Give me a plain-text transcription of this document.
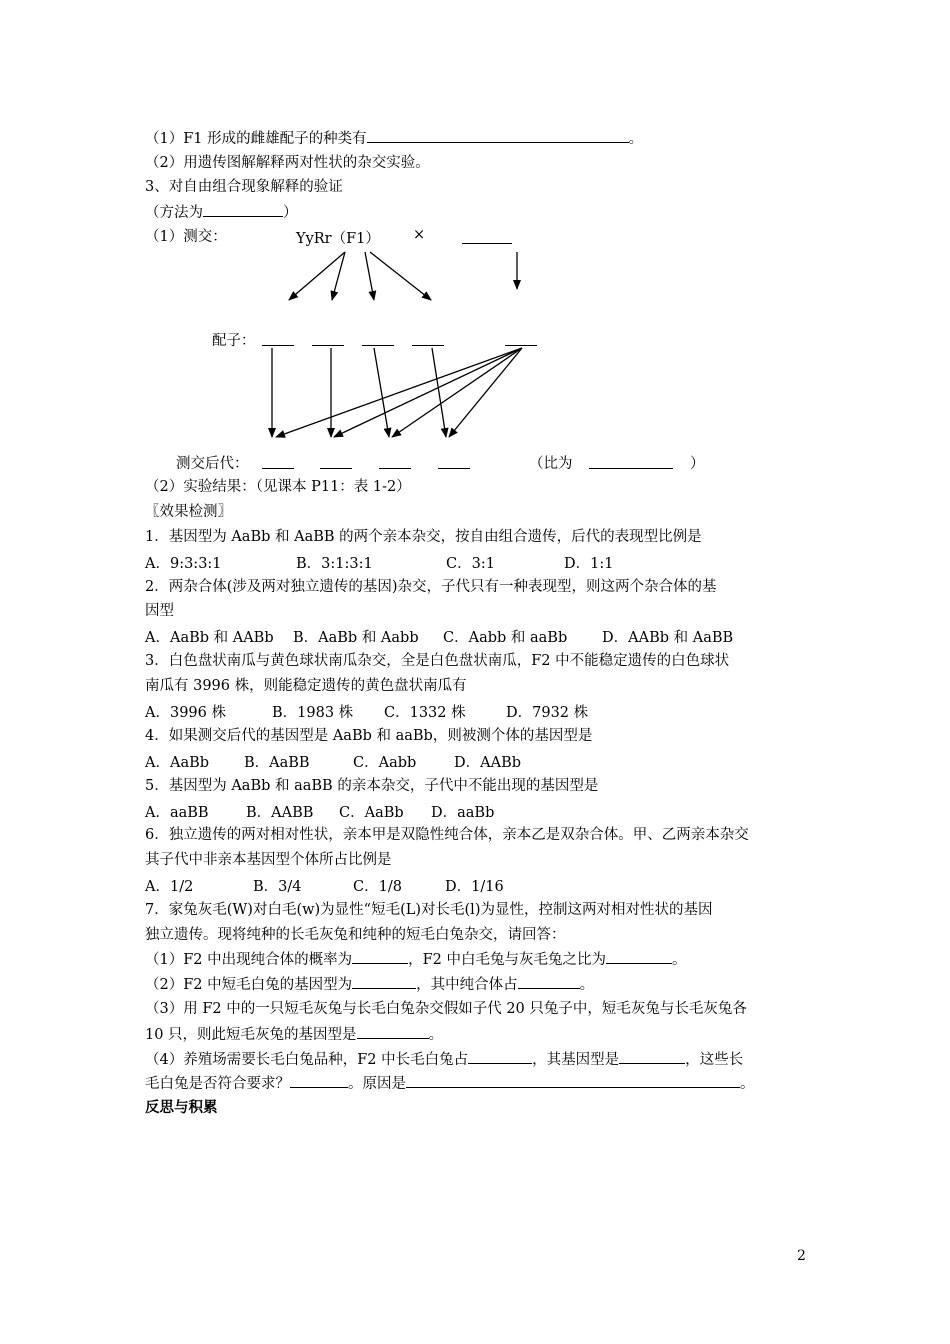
（1）F1 形成的雌雄配子的种类有	。
（2）用遗传图解解释两对性状的杂交实验。
3、对自由组合现象解释的验证
（方法为	）
（1）测交：	YyRr（F1） ×
配子：
测交后代：	（比为	）
（2）实验结果：（见课本 P11：表 1-2）
〖效果检测〗
1．基因型为 AaBb 和 AaBB 的两个亲本杂交，按自由组合遗传，后代的表现型比例是
A．9:3:3:1	B．3:1:3:1	C．3:1	D．1:1
2．两杂合体(涉及两对独立遗传的基因)杂交，子代只有一种表现型，则这两个杂合体的基
因型
A．AaBb 和 AABb B．AaBb 和 Aabb C．Aabb 和 aaBb D．AABb 和 AaBB
3．白色盘状南瓜与黄色球状南瓜杂交，全是白色盘状南瓜，F2 中不能稳定遗传的白色球状
南瓜有 3996 株，则能稳定遗传的黄色盘状南瓜有
A．3996 株	B．1983 株 C．1332 株	D．7932 株
4．如果测交后代的基因型是 AaBb 和 aaBb，则被测个体的基因型是
A．AaBb B．AaBB	C．Aabb	D．AABb
5．基因型为 AaBb 和 aaBB 的亲本杂交，子代中不能出现的基因型是
A．aaBB	B．AABB C．AaBb D．aaBb
6．独立遗传的两对相对性状，亲本甲是双隐性纯合体，亲本乙是双杂合体。甲、乙两亲本杂交
其子代中非亲本基因型个体所占比例是
A．1/2	B．3/4	C．1/8	D．1/16
7．家兔灰毛(W)对白毛(w)为显性“短毛(L)对长毛(l)为显性，控制这两对相对性状的基因
独立遗传。现将纯种的长毛灰兔和纯种的短毛白兔杂交，请回答：
（1）F2 中出现纯合体的概率为	，F2 中白毛兔与灰毛兔之比为	。
（2）F2 中短毛白兔的基因型为	，其中纯合体占	。
（3）用 F2 中的一只短毛灰兔与长毛白兔杂交假如子代 20 只兔子中，短毛灰兔与长毛灰兔各
10 只，则此短毛灰兔的基因型是	。
（4）养殖场需要长毛白兔品种，F2 中长毛白兔占	，其基因型是	，这些长
毛白兔是否符合要求？	。原因是	。
反思与积累
2
